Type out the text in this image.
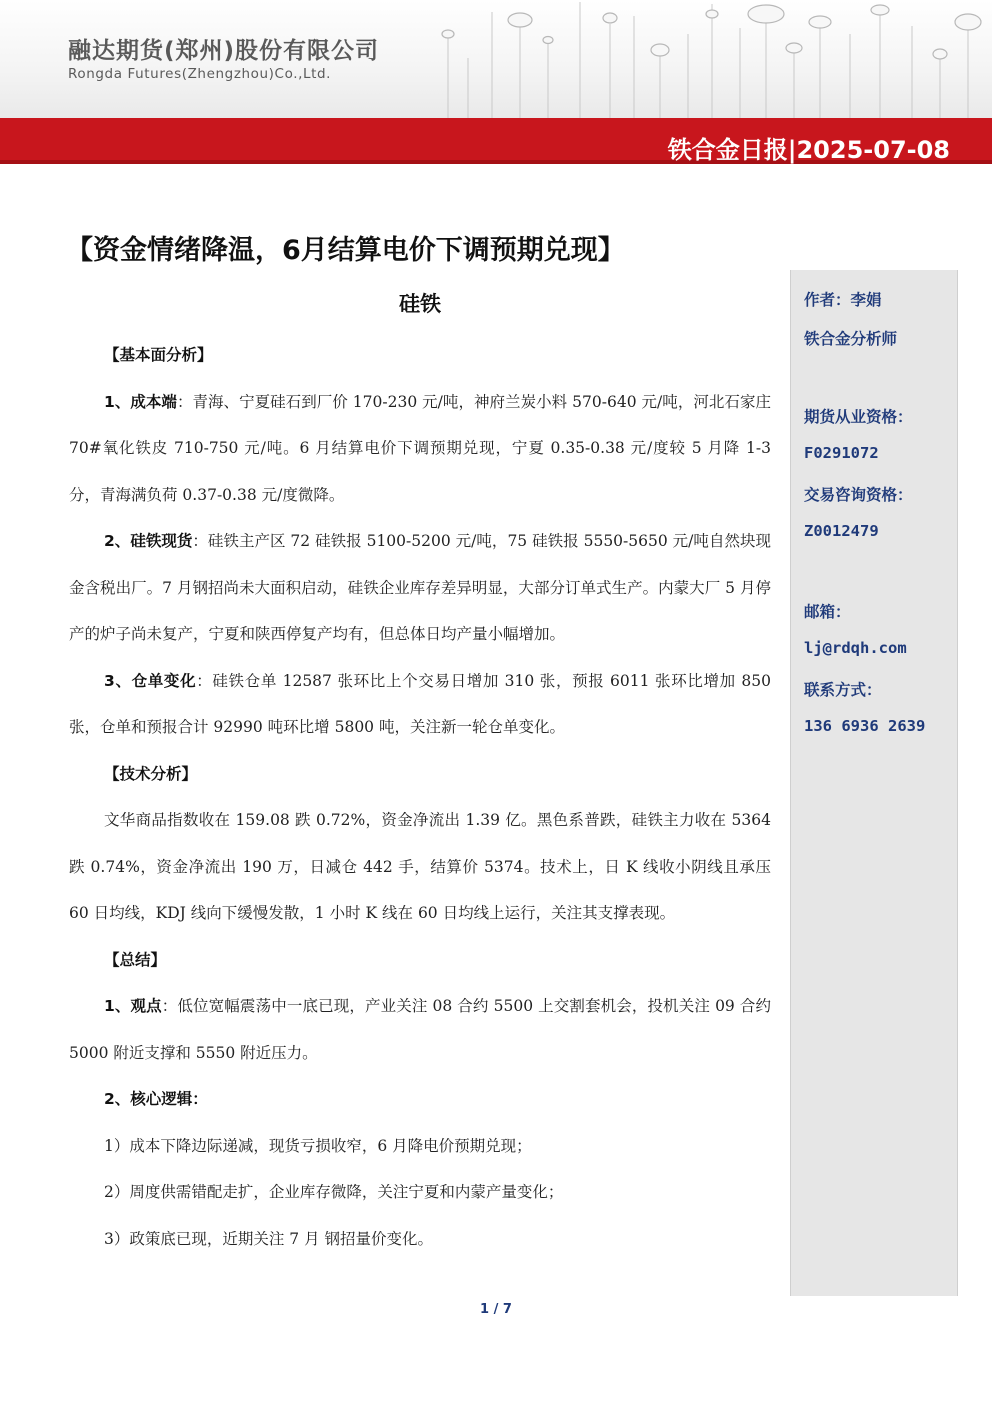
融达期货(郑州)股份有限公司
Rongda Futures(Zhengzhou)Co.,Ltd.
铁合金日报|2025-07-08
【资金情绪降温，6月结算电价下调预期兑现】
硅铁

【基本面分析】

1、成本端：青海、宁夏硅石到厂价 170-230 元/吨，神府兰炭小料 570-640 元/吨，河北石家庄 70#氧化铁皮 710-750 元/吨。6 月结算电价下调预期兑现，宁夏 0.35-0.38 元/度较 5 月降 1-3 分，青海满负荷 0.37-0.38 元/度微降。

2、硅铁现货：硅铁主产区 72 硅铁报 5100-5200 元/吨，75 硅铁报 5550-5650 元/吨自然块现金含税出厂。7 月钢招尚未大面积启动，硅铁企业库存差异明显，大部分订单式生产。内蒙大厂 5 月停产的炉子尚未复产，宁夏和陕西停复产均有，但总体日均产量小幅增加。

3、仓单变化：硅铁仓单 12587 张环比上个交易日增加 310 张，预报 6011 张环比增加 850 张，仓单和预报合计 92990 吨环比增 5800 吨，关注新一轮仓单变化。

【技术分析】

文华商品指数收在 159.08 跌 0.72%，资金净流出 1.39 亿。黑色系普跌，硅铁主力收在 5364 跌 0.74%，资金净流出 190 万，日减仓 442 手，结算价 5374。技术上，日 K 线收小阴线且承压 60 日均线，KDJ 线向下缓慢发散，1 小时 K 线在 60 日均线上运行，关注其支撑表现。

【总结】

1、观点：低位宽幅震荡中一底已现，产业关注 08 合约 5500 上交割套机会，投机关注 09 合约 5000 附近支撑和 5550 附近压力。

2、核心逻辑：

1）成本下降边际递减，现货亏损收窄，6 月降电价预期兑现；

2）周度供需错配走扩，企业库存微降，关注宁夏和内蒙产量变化；

3）政策底已现，近期关注 7 月 钢招量价变化。

作者：李娟
铁合金分析师
期货从业资格：
F0291072
交易咨询资格：
Z0012479
邮箱：
lj@rdqh.com
联系方式：
136 6936 2639
1 / 7
